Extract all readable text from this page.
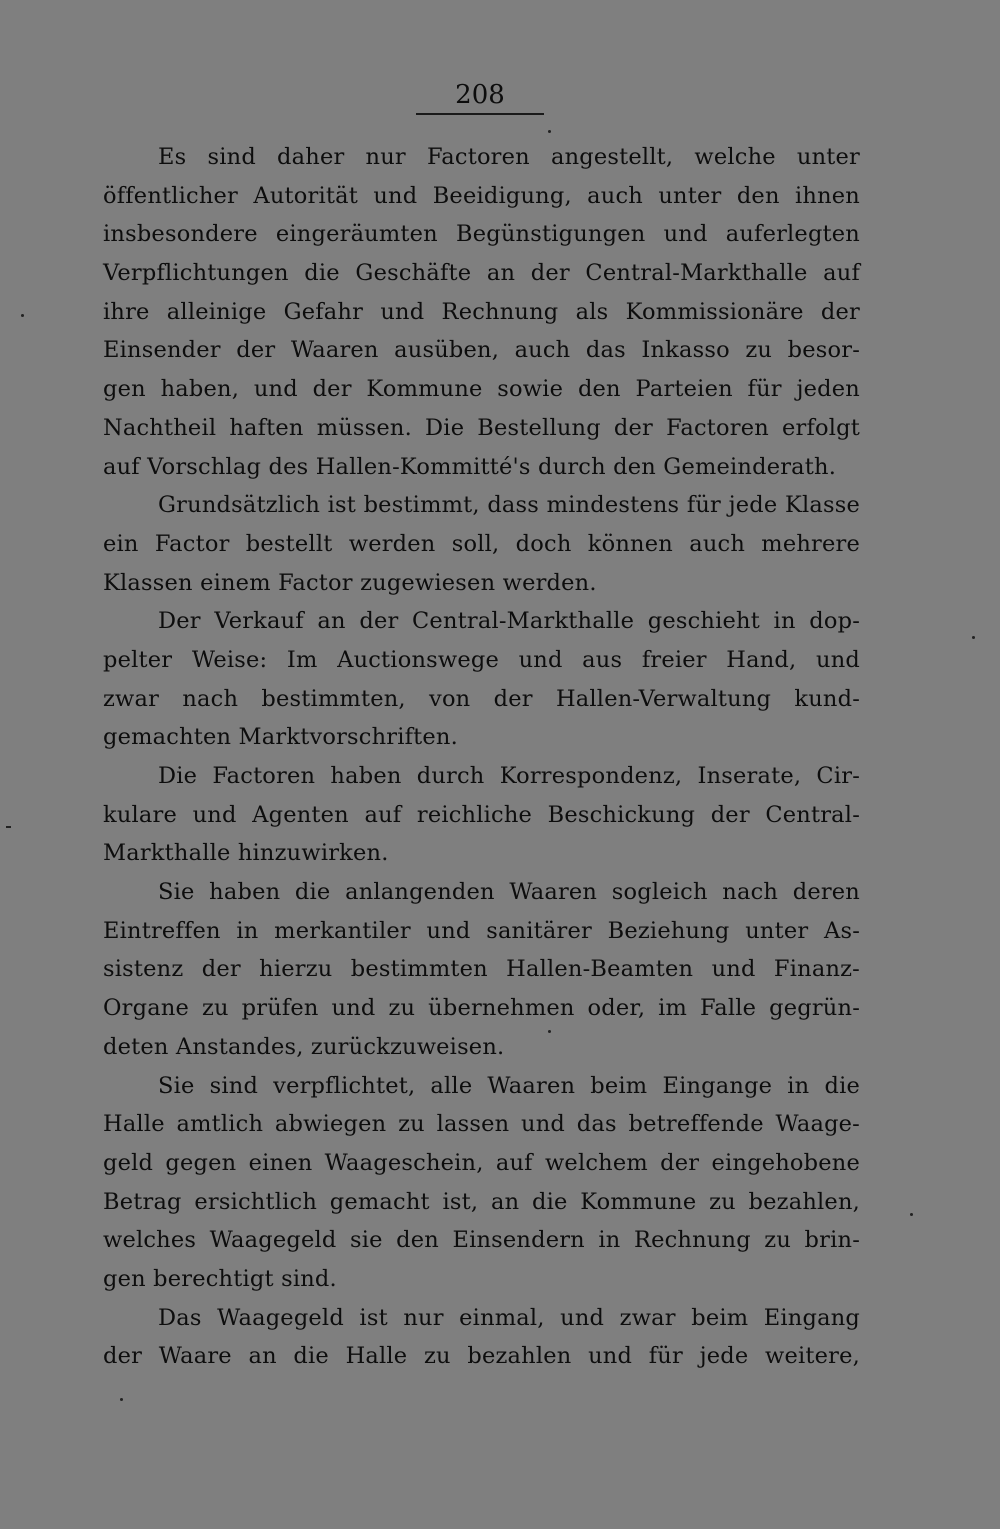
208
Es sind daher nur Factoren angestellt, welche unter
öffentlicher Autorität und Beeidigung, auch unter den ihnen
insbesondere eingeräumten Begünstigungen und auferlegten
Verpflichtungen die Geschäfte an der Central-Markthalle auf
ihre alleinige Gefahr und Rechnung als Kommissionäre der
Einsender der Waaren ausüben, auch das Inkasso zu besor-
gen haben, und der Kommune sowie den Parteien für jeden
Nachtheil haften müssen. Die Bestellung der Factoren erfolgt
auf Vorschlag des Hallen-Kommitté's durch den Gemeinderath.
Grundsätzlich ist bestimmt, dass mindestens für jede Klasse
ein Factor bestellt werden soll, doch können auch mehrere
Klassen einem Factor zugewiesen werden.
Der Verkauf an der Central-Markthalle geschieht in dop-
pelter Weise: Im Auctionswege und aus freier Hand, und
zwar nach bestimmten, von der Hallen-Verwaltung kund-
gemachten Marktvorschriften.
Die Factoren haben durch Korrespondenz, Inserate, Cir-
kulare und Agenten auf reichliche Beschickung der Central-
Markthalle hinzuwirken.
Sie haben die anlangenden Waaren sogleich nach deren
Eintreffen in merkantiler und sanitärer Beziehung unter As-
sistenz der hierzu bestimmten Hallen-Beamten und Finanz-
Organe zu prüfen und zu übernehmen oder, im Falle gegrün-
deten Anstandes, zurückzuweisen.
Sie sind verpflichtet, alle Waaren beim Eingange in die
Halle amtlich abwiegen zu lassen und das betreffende Waage-
geld gegen einen Waageschein, auf welchem der eingehobene
Betrag ersichtlich gemacht ist, an die Kommune zu bezahlen,
welches Waagegeld sie den Einsendern in Rechnung zu brin-
gen berechtigt sind.
Das Waagegeld ist nur einmal, und zwar beim Eingang
der Waare an die Halle zu bezahlen und für jede weitere,
